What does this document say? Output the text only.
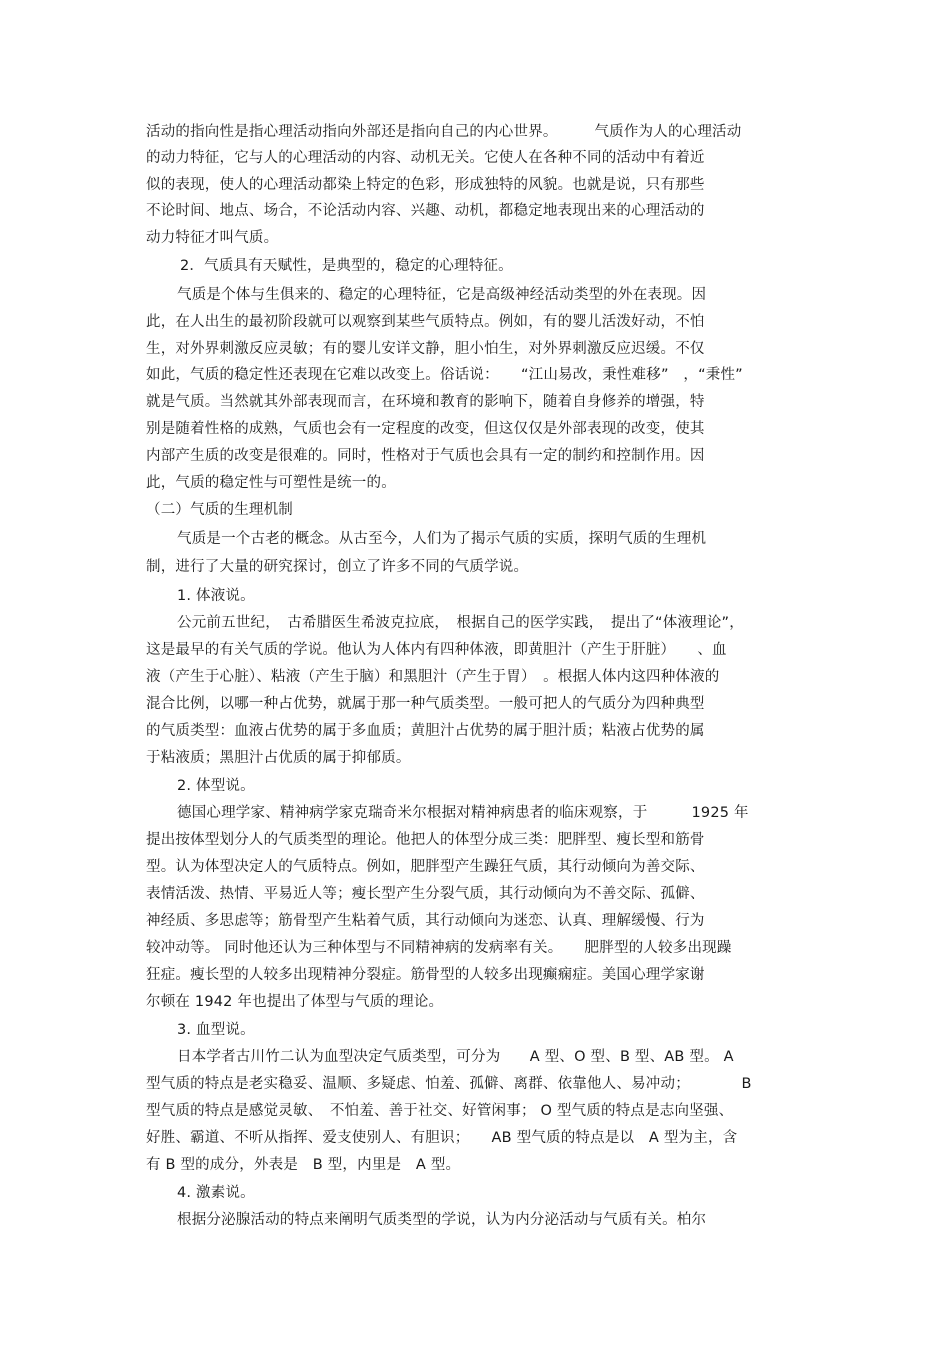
活动的指向性是指心理活动指向外部还是指向自己的内心世界。　　　气质作为人的心理活动
的动力特征，它与人的心理活动的内容、动机无关。它使人在各种不同的活动中有着近
似的表现，使人的心理活动都染上特定的色彩，形成独特的风貌。也就是说，只有那些
不论时间、地点、场合，不论活动内容、兴趣、动机，都稳定地表现出来的心理活动的
动力特征才叫气质。
2．气质具有天赋性，是典型的，稳定的心理特征。
气质是个体与生俱来的、稳定的心理特征，它是高级神经活动类型的外在表现。因
此，在人出生的最初阶段就可以观察到某些气质特点。例如，有的婴儿活泼好动，不怕
生，对外界刺激反应灵敏；有的婴儿安详文静，胆小怕生，对外界刺激反应迟缓。不仅
如此，气质的稳定性还表现在它难以改变上。俗话说：　　“江山易改，秉性难移”　，“秉性”
就是气质。当然就其外部表现而言，在环境和教育的影响下，随着自身修养的增强，特
别是随着性格的成熟，气质也会有一定程度的改变，但这仅仅是外部表现的改变，使其
内部产生质的改变是很难的。同时，性格对于气质也会具有一定的制约和控制作用。因
此，气质的稳定性与可塑性是统一的。
（二）气质的生理机制
气质是一个古老的概念。从古至今，人们为了揭示气质的实质，探明气质的生理机
制，进行了大量的研究探讨，创立了许多不同的气质学说。
1. 体液说。
公元前五世纪，　古希腊医生希波克拉底，　根据自己的医学实践，　提出了“体液理论”，
这是最早的有关气质的学说。他认为人体内有四种体液，即黄胆汁（产生于肝脏）　　、血
液（产生于心脏）、粘液（产生于脑）和黑胆汁（产生于胃）　。根据人体内这四种体液的
混合比例，以哪一种占优势，就属于那一种气质类型。一般可把人的气质分为四种典型
的气质类型：血液占优势的属于多血质；黄胆汁占优势的属于胆汁质；粘液占优势的属
于粘液质；黑胆汁占优质的属于抑郁质。
2. 体型说。
德国心理学家、精神病学家克瑞奇米尔根据对精神病患者的临床观察，于　　　1925 年
提出按体型划分人的气质类型的理论。他把人的体型分成三类：肥胖型、瘦长型和筋骨
型。认为体型决定人的气质特点。例如，肥胖型产生躁狂气质，其行动倾向为善交际、
表情活泼、热情、平易近人等；瘦长型产生分裂气质，其行动倾向为不善交际、孤僻、
神经质、多思虑等；筋骨型产生粘着气质，其行动倾向为迷恋、认真、理解缓慢、行为
较冲动等。 同时他还认为三种体型与不同精神病的发病率有关。　　肥胖型的人较多出现躁
狂症。瘦长型的人较多出现精神分裂症。筋骨型的人较多出现癫痫症。美国心理学家谢
尔顿在 1942 年也提出了体型与气质的理论。
3. 血型说。
日本学者古川竹二认为血型决定气质类型，可分为　　A 型、O 型、B 型、AB 型。 A
型气质的特点是老实稳妥、温顺、多疑虑、怕羞、孤僻、离群、依靠他人、易冲动；　　　　B
型气质的特点是感觉灵敏、　不怕羞、善于社交、好管闲事； O 型气质的特点是志向坚强、
好胜、霸道、不听从指挥、爱支使别人、有胆识；　　AB 型气质的特点是以　A 型为主，含
有 B 型的成分，外表是　B 型，内里是　A 型。
4. 激素说。
根据分泌腺活动的特点来阐明气质类型的学说，认为内分泌活动与气质有关。柏尔
